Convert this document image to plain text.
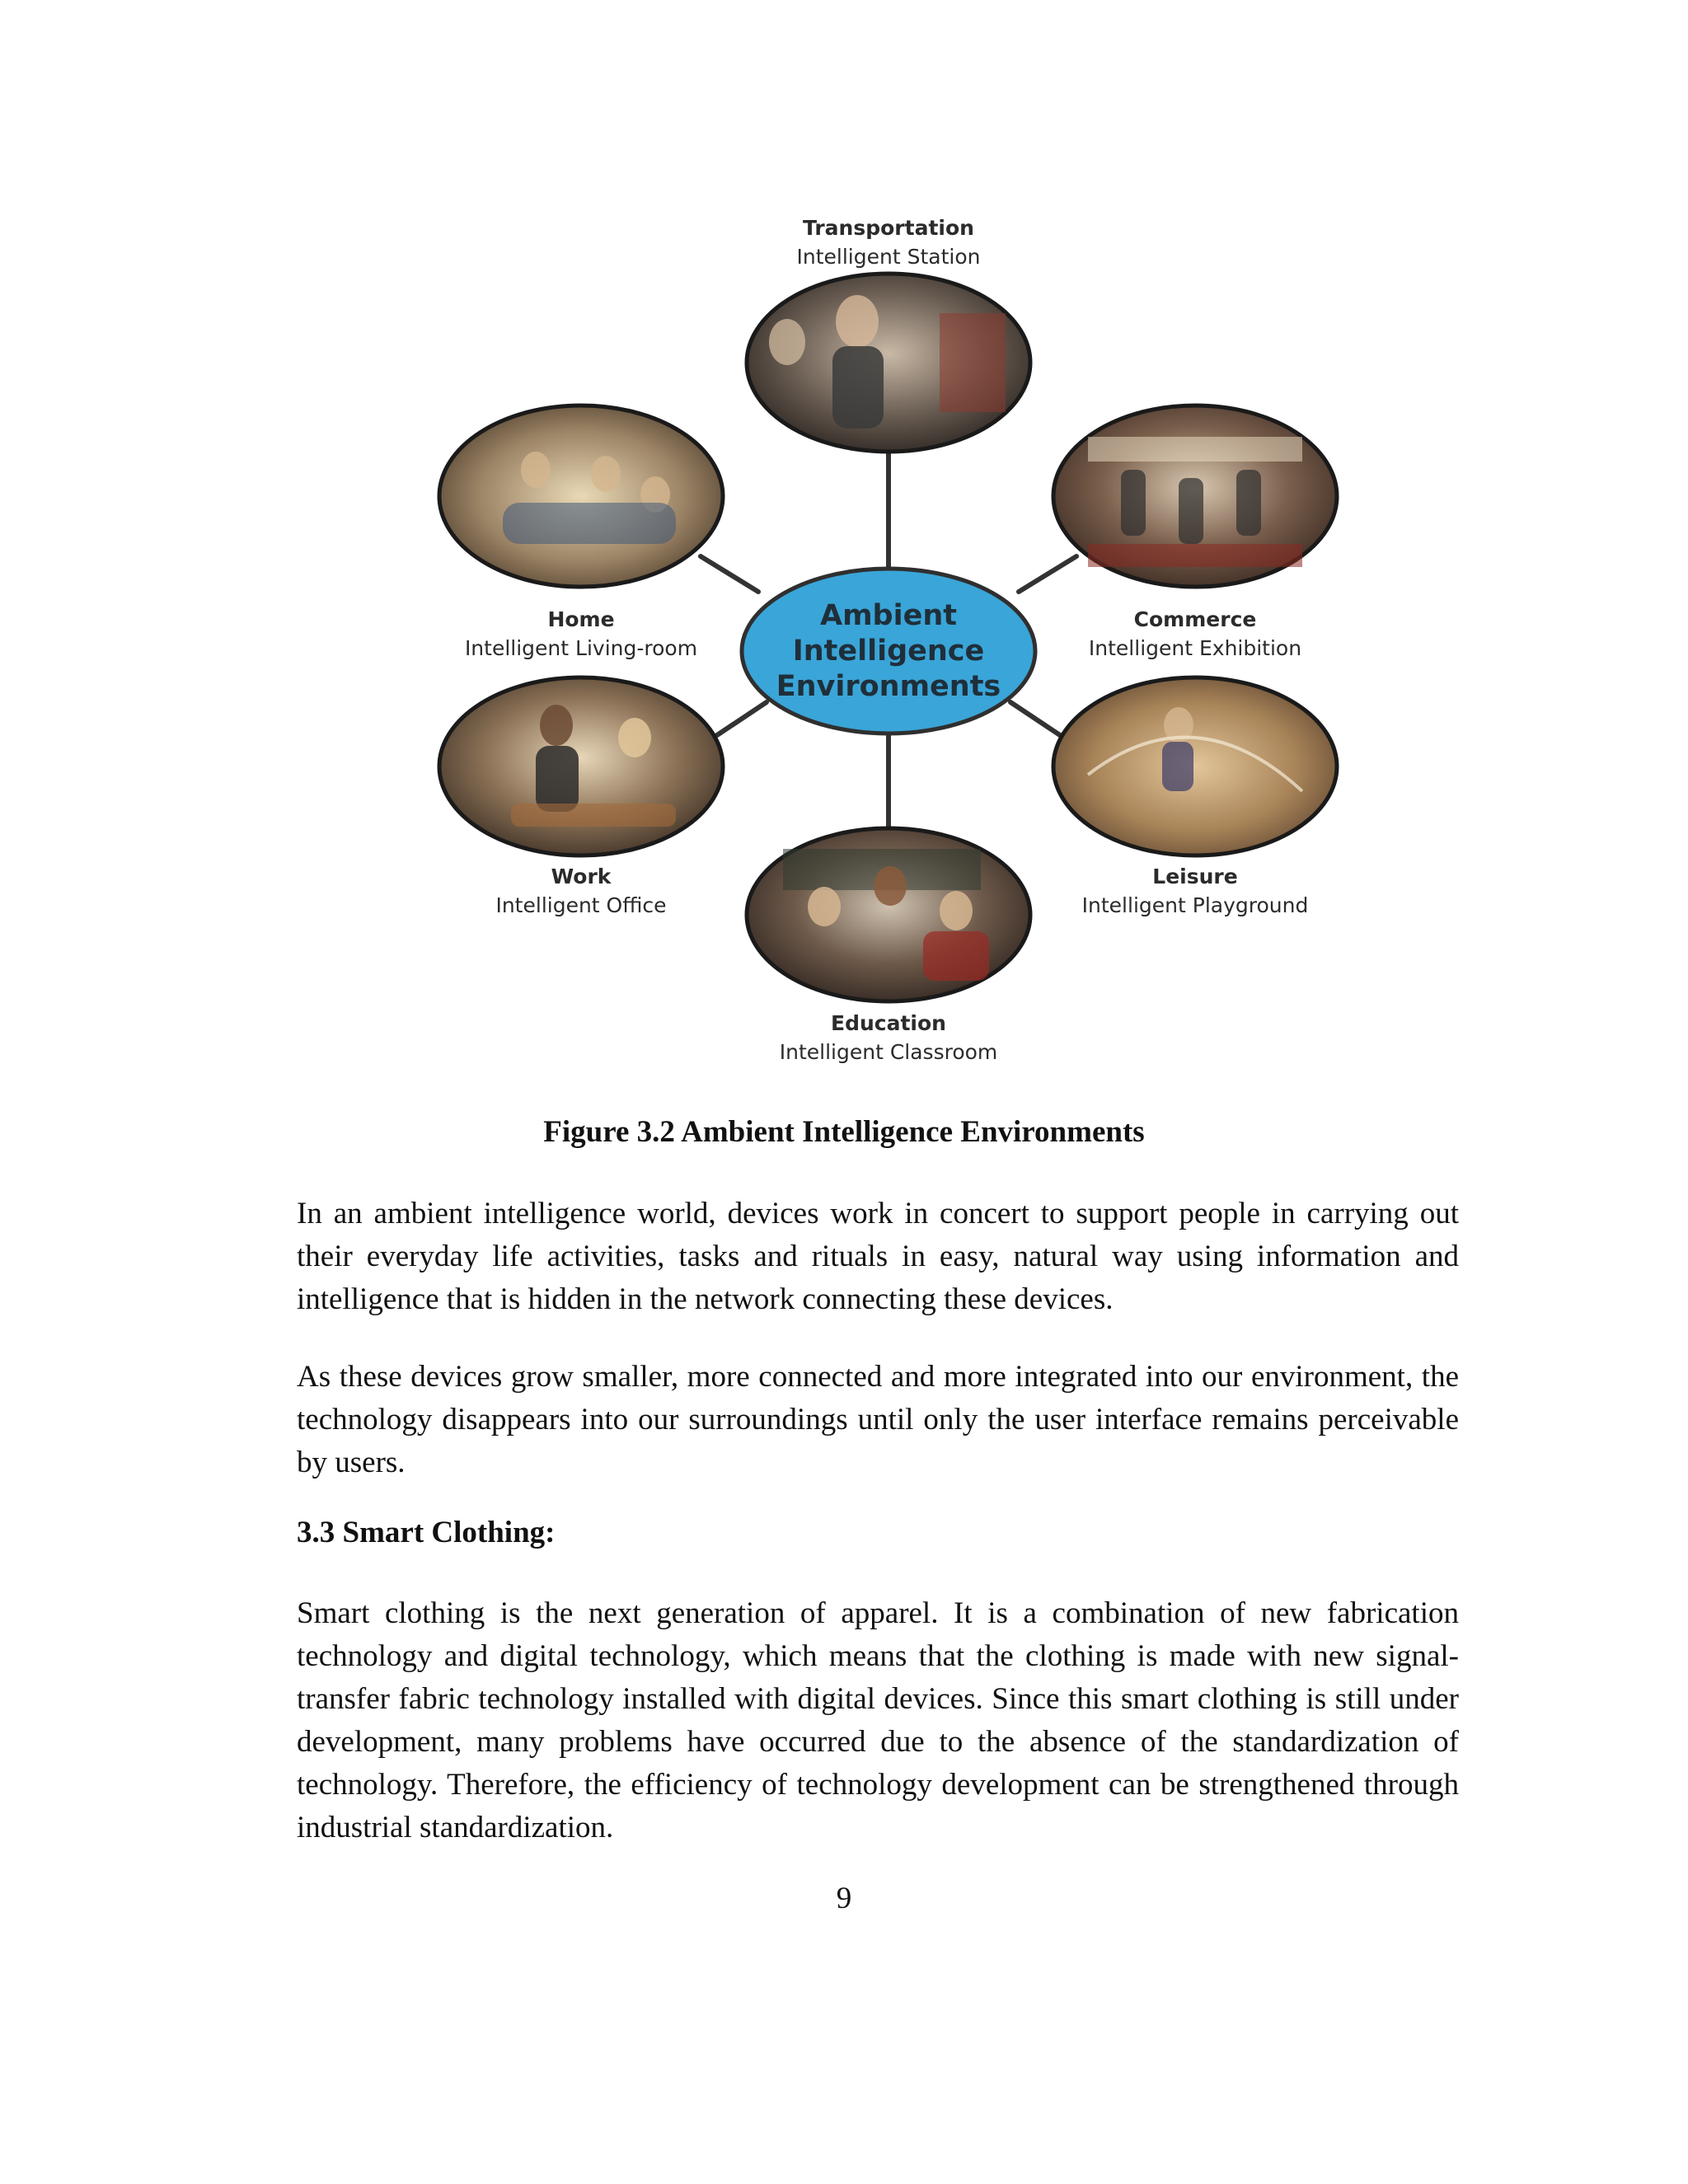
Ambient
Intelligence
Environments
Transportation
Intelligent Station
Home
Intelligent Living-room
Commerce
Intelligent Exhibition
Work
Intelligent Office
Leisure
Intelligent Playground
Education
Intelligent Classroom
Figure 3.2 Ambient Intelligence Environments

In an ambient intelligence world, devices work in concert to support people in carrying out their everyday life activities, tasks and rituals in easy, natural way using information and intelligence that is hidden in the network connecting these devices.

As these devices grow smaller, more connected and more integrated into our environment, the technology disappears into our surroundings until only the user interface remains perceivable by users.

3.3 Smart Clothing:

Smart clothing is the next generation of apparel. It is a combination of new fabrication technology and digital technology, which means that the clothing is made with new signal-transfer fabric technology installed with digital devices. Since this smart clothing is still under development, many problems have occurred due to the absence of the standardization of technology. Therefore, the efficiency of technology development can be strengthened through industrial standardization.

9
